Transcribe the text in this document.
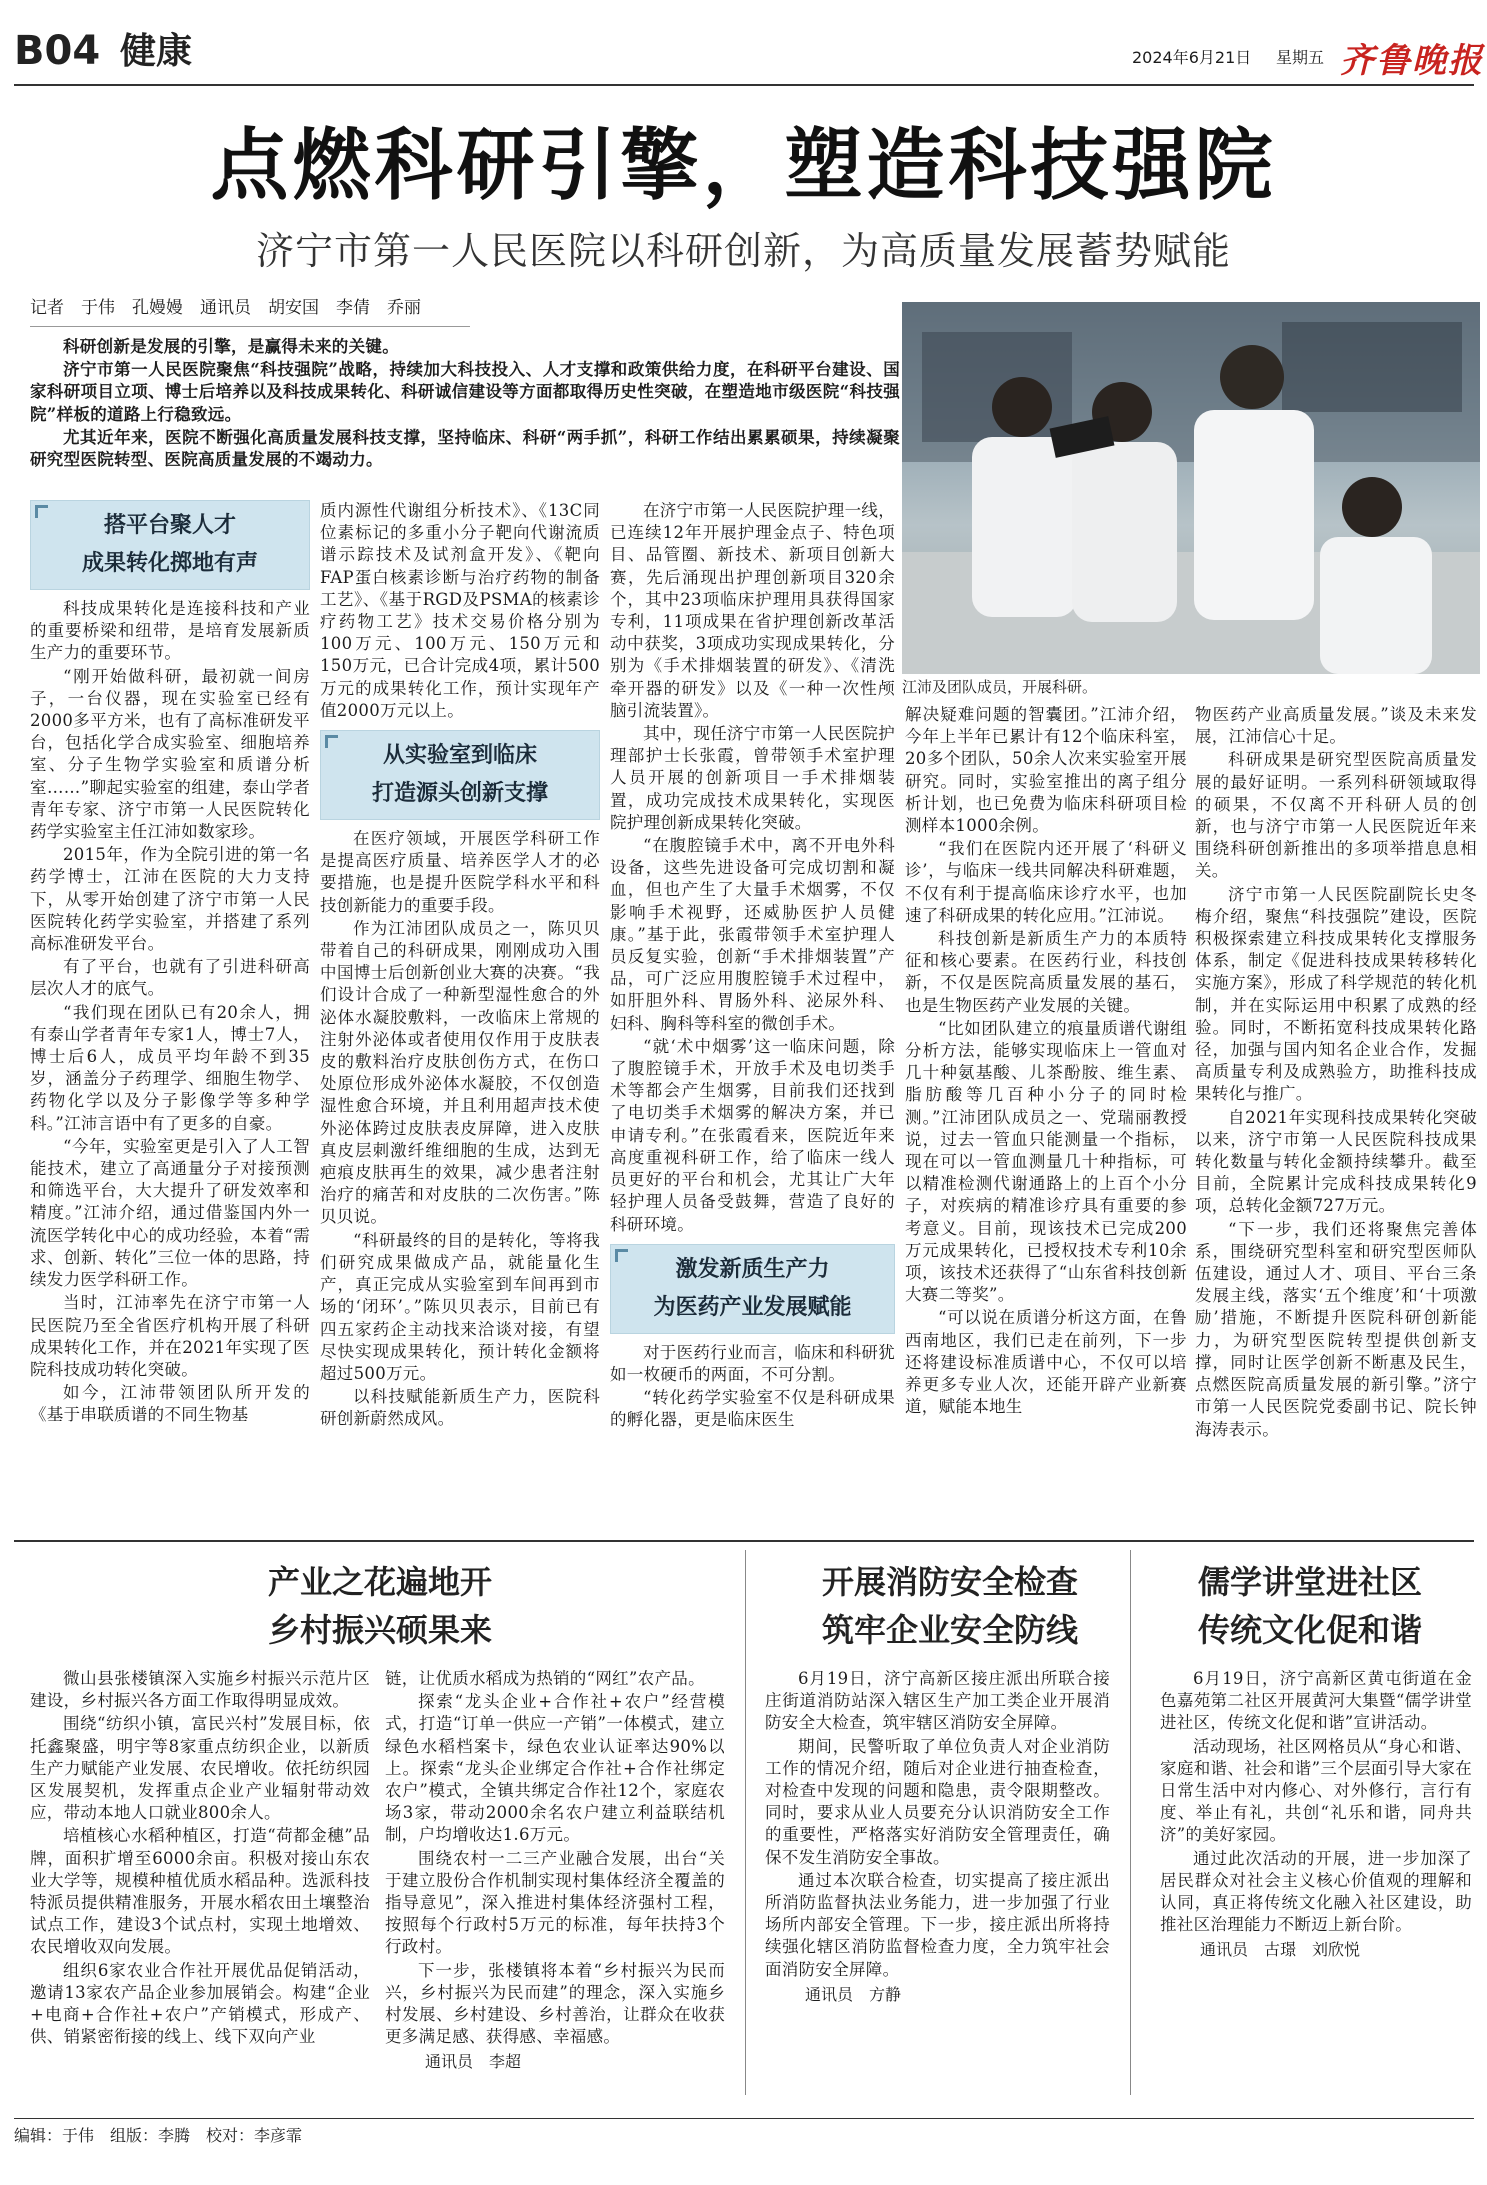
B04 健康	2024年6月21日 星期五 齐鲁晚报
点燃科研引擎，塑造科技强院
济宁市第一人民医院以科研创新，为高质量发展蓄势赋能
记者　于伟　孔嫚嫚　通讯员　胡安国　李倩　乔丽

科研创新是发展的引擎，是赢得未来的关键。

济宁市第一人民医院聚焦“科技强院”战略，持续加大科技投入、人才支撑和政策供给力度，在科研平台建设、国家科研项目立项、博士后培养以及科技成果转化、科研诚信建设等方面都取得历史性突破，在塑造地市级医院“科技强院”样板的道路上行稳致远。

尤其近年来，医院不断强化高质量发展科技支撑，坚持临床、科研“两手抓”，科研工作结出累累硕果，持续凝聚研究型医院转型、医院高质量发展的不竭动力。

江沛及团队成员，开展科研。
搭平台聚人才
成果转化掷地有声

科技成果转化是连接科技和产业的重要桥梁和纽带，是培育发展新质生产力的重要环节。

“刚开始做科研，最初就一间房子，一台仪器，现在实验室已经有2000多平方米，也有了高标准研发平台，包括化学合成实验室、细胞培养室、分子生物学实验室和质谱分析室……”聊起实验室的组建，泰山学者青年专家、济宁市第一人民医院转化药学实验室主任江沛如数家珍。

2015年，作为全院引进的第一名药学博士，江沛在医院的大力支持下，从零开始创建了济宁市第一人民医院转化药学实验室，并搭建了系列高标准研发平台。

有了平台，也就有了引进科研高层次人才的底气。

“我们现在团队已有20余人，拥有泰山学者青年专家1人，博士7人，博士后6人，成员平均年龄不到35岁，涵盖分子药理学、细胞生物学、药物化学以及分子影像学等多种学科。”江沛言语中有了更多的自豪。

“今年，实验室更是引入了人工智能技术，建立了高通量分子对接预测和筛选平台，大大提升了研发效率和精度。”江沛介绍，通过借鉴国内外一流医学转化中心的成功经验，本着“需求、创新、转化”三位一体的思路，持续发力医学科研工作。

当时，江沛率先在济宁市第一人民医院乃至全省医疗机构开展了科研成果转化工作，并在2021年实现了医院科技成功转化突破。

如今，江沛带领团队所开发的《基于串联质谱的不同生物基

质内源性代谢组分析技术》、《13C同位素标记的多重小分子靶向代谢流质谱示踪技术及试剂盒开发》、《靶向FAP蛋白核素诊断与治疗药物的制备工艺》、《基于RGD及PSMA的核素诊疗药物工艺》技术交易价格分别为100万元、100万元、150万元和150万元，已合计完成4项，累计500万元的成果转化工作，预计实现年产值2000万元以上。

从实验室到临床
打造源头创新支撑

在医疗领域，开展医学科研工作是提高医疗质量、培养医学人才的必要措施，也是提升医院学科水平和科技创新能力的重要手段。

作为江沛团队成员之一，陈贝贝带着自己的科研成果，刚刚成功入围中国博士后创新创业大赛的决赛。“我们设计合成了一种新型湿性愈合的外泌体水凝胶敷料，一改临床上常规的注射外泌体或者使用仅作用于皮肤表皮的敷料治疗皮肤创伤方式，在伤口处原位形成外泌体水凝胶，不仅创造湿性愈合环境，并且利用超声技术使外泌体跨过皮肤表皮屏障，进入皮肤真皮层刺激纤维细胞的生成，达到无疤痕皮肤再生的效果，减少患者注射治疗的痛苦和对皮肤的二次伤害。”陈贝贝说。

“科研最终的目的是转化，等将我们研究成果做成产品，就能量化生产，真正完成从实验室到车间再到市场的‘闭环’。”陈贝贝表示，目前已有四五家药企主动找来洽谈对接，有望尽快实现成果转化，预计转化金额将超过500万元。

以科技赋能新质生产力，医院科研创新蔚然成风。

在济宁市第一人民医院护理一线，已连续12年开展护理金点子、特色项目、品管圈、新技术、新项目创新大赛，先后涌现出护理创新项目320余个，其中23项临床护理用具获得国家专利，11项成果在省护理创新改革活动中获奖，3项成功实现成果转化，分别为《手术排烟装置的研发》、《清洗牵开器的研发》以及《一种一次性颅脑引流装置》。

其中，现任济宁市第一人民医院护理部护士长张霞，曾带领手术室护理人员开展的创新项目一手术排烟装置，成功完成技术成果转化，实现医院护理创新成果转化突破。

“在腹腔镜手术中，离不开电外科设备，这些先进设备可完成切割和凝血，但也产生了大量手术烟雾，不仅影响手术视野，还威胁医护人员健康。”基于此，张霞带领手术室护理人员反复实验，创新“手术排烟装置”产品，可广泛应用腹腔镜手术过程中，如肝胆外科、胃肠外科、泌尿外科、妇科、胸科等科室的微创手术。

“就‘术中烟雾’这一临床问题，除了腹腔镜手术，开放手术及电切类手术等都会产生烟雾，目前我们还找到了电切类手术烟雾的解决方案，并已申请专利。”在张霞看来，医院近年来高度重视科研工作，给了临床一线人员更好的平台和机会，尤其让广大年轻护理人员备受鼓舞，营造了良好的科研环境。

激发新质生产力
为医药产业发展赋能

对于医药行业而言，临床和科研犹如一枚硬币的两面，不可分割。

“转化药学实验室不仅是科研成果的孵化器，更是临床医生

解决疑难问题的智囊团。”江沛介绍，今年上半年已累计有12个临床科室，20多个团队，50余人次来实验室开展研究。同时，实验室推出的离子组分析计划，也已免费为临床科研项目检测样本1000余例。

“我们在医院内还开展了‘科研义诊’，与临床一线共同解决科研难题，不仅有利于提高临床诊疗水平，也加速了科研成果的转化应用。”江沛说。

科技创新是新质生产力的本质特征和核心要素。在医药行业，科技创新，不仅是医院高质量发展的基石，也是生物医药产业发展的关键。

“比如团队建立的痕量质谱代谢组分析方法，能够实现临床上一管血对几十种氨基酸、儿茶酚胺、维生素、脂肪酸等几百种小分子的同时检测。”江沛团队成员之一、党瑞丽教授说，过去一管血只能测量一个指标，现在可以一管血测量几十种指标，可以精准检测代谢通路上的上百个小分子，对疾病的精准诊疗具有重要的参考意义。目前，现该技术已完成200万元成果转化，已授权技术专利10余项，该技术还获得了“山东省科技创新大赛二等奖”。

“可以说在质谱分析这方面，在鲁西南地区，我们已走在前列，下一步还将建设标准质谱中心，不仅可以培养更多专业人次，还能开辟产业新赛道，赋能本地生

物医药产业高质量发展。”谈及未来发展，江沛信心十足。

科研成果是研究型医院高质量发展的最好证明。一系列科研领域取得的硕果，不仅离不开科研人员的创新，也与济宁市第一人民医院近年来围绕科研创新推出的多项举措息息相关。

济宁市第一人民医院副院长史冬梅介绍，聚焦“科技强院”建设，医院积极探索建立科技成果转化支撑服务体系，制定《促进科技成果转移转化实施方案》，形成了科学规范的转化机制，并在实际运用中积累了成熟的经验。同时，不断拓宽科技成果转化路径，加强与国内知名企业合作，发掘高质量专利及成熟验方，助推科技成果转化与推广。

自2021年实现科技成果转化突破以来，济宁市第一人民医院科技成果转化数量与转化金额持续攀升。截至目前，全院累计完成科技成果转化9项，总转化金额727万元。

“下一步，我们还将聚焦完善体系，围绕研究型科室和研究型医师队伍建设，通过人才、项目、平台三条发展主线，落实‘五个维度’和‘十项激励’措施，不断提升医院科研创新能力，为研究型医院转型提供创新支撑，同时让医学创新不断惠及民生，点燃医院高质量发展的新引擎。”济宁市第一人民医院党委副书记、院长钟海涛表示。

产业之花遍地开
乡村振兴硕果来

微山县张楼镇深入实施乡村振兴示范片区建设，乡村振兴各方面工作取得明显成效。

围绕“纺织小镇，富民兴村”发展目标，依托鑫聚盛，明宇等8家重点纺织企业，以新质生产力赋能产业发展、农民增收。依托纺织园区发展契机，发挥重点企业产业辐射带动效应，带动本地人口就业800余人。

培植核心水稻种植区，打造“荷都金穗”品牌，面积扩增至6000余亩。积极对接山东农业大学等，规模种植优质水稻品种。选派科技特派员提供精准服务，开展水稻农田土壤整治试点工作，建设3个试点村，实现土地增效、农民增收双向发展。

组织6家农业合作社开展优品促销活动，邀请13家农产品企业参加展销会。构建“企业+电商+合作社+农户”产销模式，形成产、供、销紧密衔接的线上、线下双向产业

链，让优质水稻成为热销的“网红”农产品。

探索“龙头企业+合作社+农户”经营模式，打造“订单一供应一产销”一体模式，建立绿色水稻档案卡，绿色农业认证率达90%以上。探索“龙头企业绑定合作社+合作社绑定农户”模式，全镇共绑定合作社12个，家庭农场3家，带动2000余名农户建立利益联结机制，户均增收达1.6万元。

围绕农村一二三产业融合发展，出台“关于建立股份合作机制实现村集体经济全覆盖的指导意见”，深入推进村集体经济强村工程，按照每个行政村5万元的标准，每年扶持3个行政村。

下一步，张楼镇将本着“乡村振兴为民而兴，乡村振兴为民而建”的理念，深入实施乡村发展、乡村建设、乡村善治，让群众在收获更多满足感、获得感、幸福感。

通讯员　李超
开展消防安全检查
筑牢企业安全防线

6月19日，济宁高新区接庄派出所联合接庄街道消防站深入辖区生产加工类企业开展消防安全大检查，筑牢辖区消防安全屏障。

期间，民警听取了单位负责人对企业消防工作的情况介绍，随后对企业进行抽查检查，对检查中发现的问题和隐患，责令限期整改。同时，要求从业人员要充分认识消防安全工作的重要性，严格落实好消防安全管理责任，确保不发生消防安全事故。

通过本次联合检查，切实提高了接庄派出所消防监督执法业务能力，进一步加强了行业场所内部安全管理。下一步，接庄派出所将持续强化辖区消防监督检查力度，全力筑牢社会面消防安全屏障。

通讯员　方静
儒学讲堂进社区
传统文化促和谐

6月19日，济宁高新区黄屯街道在金色嘉苑第二社区开展黄河大集暨“儒学讲堂进社区，传统文化促和谐”宣讲活动。

活动现场，社区网格员从“身心和谐、家庭和谐、社会和谐”三个层面引导大家在日常生活中对内修心、对外修行，言行有度、举止有礼，共创“礼乐和谐，同舟共济”的美好家园。

通过此次活动的开展，进一步加深了居民群众对社会主义核心价值观的理解和认同，真正将传统文化融入社区建设，助推社区治理能力不断迈上新台阶。

通讯员　古璟　刘欣悦
编辑：于伟　组版：李腾　校对：李彦霏
